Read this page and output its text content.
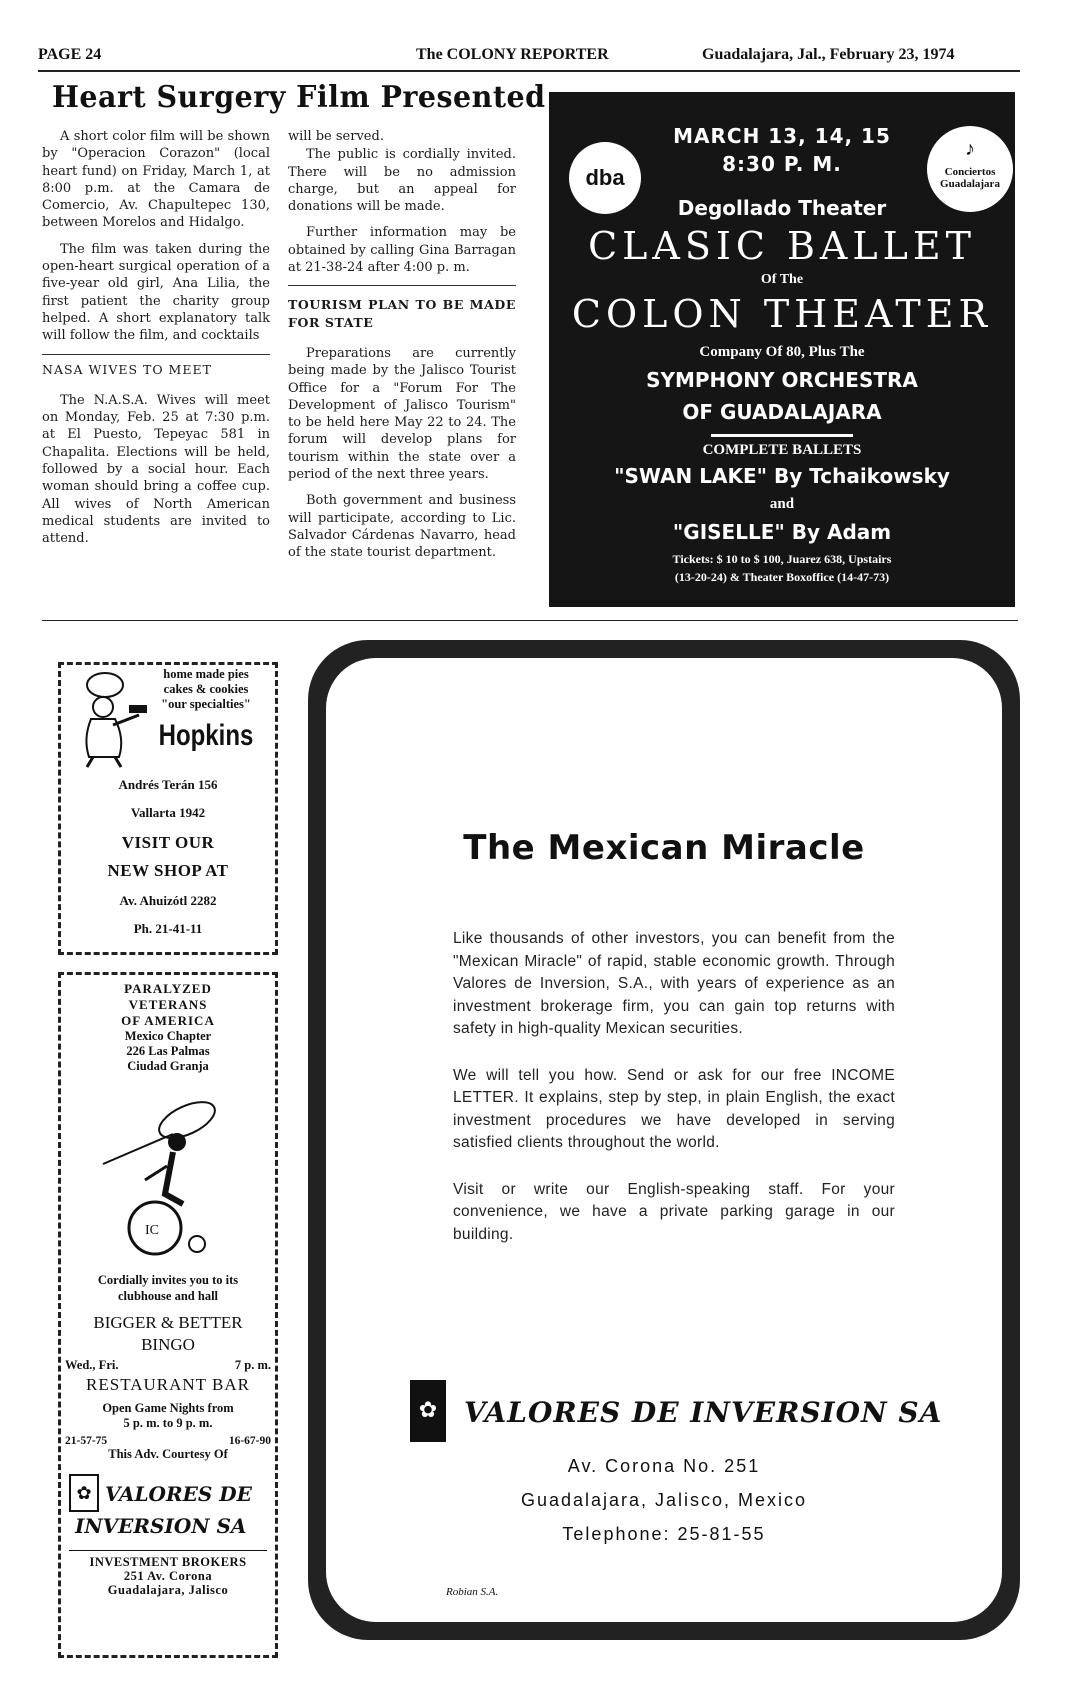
PAGE 24	The COLONY REPORTER	Guadalajara, Jal., February 23, 1974
Heart Surgery Film Presented

A short color film will be shown by "Operacion Corazon" (local heart fund) on Friday, March 1, at 8:00 p.m. at the Camara de Comercio, Av. Chapultepec 130, between Morelos and Hidalgo.

The film was taken during the open-heart surgical operation of a five-year old girl, Ana Lilia, the first patient the charity group helped. A short explanatory talk will follow the film, and cocktails

NASA WIVES TO MEET

The N.A.S.A. Wives will meet on Monday, Feb. 25 at 7:30 p.m. at El Puesto, Tepeyac 581 in Chapalita. Elections will be held, followed by a social hour. Each woman should bring a coffee cup. All wives of North American medical students are invited to attend.

will be served.

The public is cordially invited. There will be no admission charge, but an appeal for donations will be made.

Further information may be obtained by calling Gina Barragan at 21-38-24 after 4:00 p. m.

TOURISM PLAN TO BE MADE FOR STATE

Preparations are currently being made by the Jalisco Tourist Office for a "Forum For The Development of Jalisco Tourism" to be held here May 22 to 24. The forum will develop plans for tourism within the state over a period of the next three years.

Both government and business will participate, according to Lic. Salvador Cárdenas Navarro, head of the state tourist department.

dba
♪
Conciertos
Guadalajara
MARCH 13, 14, 15
8:30 P. M.
Degollado Theater
CLASIC BALLET
Of The
COLON THEATER
Company Of 80, Plus The
SYMPHONY ORCHESTRA
OF GUADALAJARA
COMPLETE BALLETS
"SWAN LAKE" By Tchaikowsky
and
"GISELLE" By Adam
Tickets: $ 10 to $ 100, Juarez 638, Upstairs
(13-20-24) & Theater Boxoffice (14-47-73)
home made pies
cakes & cookies
"our specialties"
Hopkins
Andrés Terán 156
Vallarta 1942
VISIT OUR
NEW SHOP AT
Av. Ahuizótl 2282
Ph. 21-41-11
PARALYZED
VETERANS
OF AMERICA
Mexico Chapter
226 Las Palmas
Ciudad Granja
IC
Cordially invites you to its
clubhouse and hall
BIGGER & BETTER
BINGO
Wed., Fri.	7 p. m.
RESTAURANT BAR
Open Game Nights from
5 p. m. to 9 p. m.
21-57-75	16-67-90
This Adv. Courtesy Of
✿ VALORES DE
INVERSION SA
INVESTMENT BROKERS
251 Av. Corona
Guadalajara, Jalisco
The Mexican Miracle

Like thousands of other investors, you can benefit from the "Mexican Miracle" of rapid, stable economic growth. Through Valores de Inversion, S.A., with years of experience as an investment brokerage firm, you can gain top returns with safety in high-quality Mexican securities.

We will tell you how. Send or ask for our free INCOME LETTER. It explains, step by step, in plain English, the exact investment procedures we have developed in serving satisfied clients throughout the world.

Visit or write our English-speaking staff. For your convenience, we have a private parking garage in our building.

✿ VALORES DE INVERSION SA
Av. Corona No. 251
Guadalajara, Jalisco, Mexico
Telephone: 25-81-55
Robian S.A.
